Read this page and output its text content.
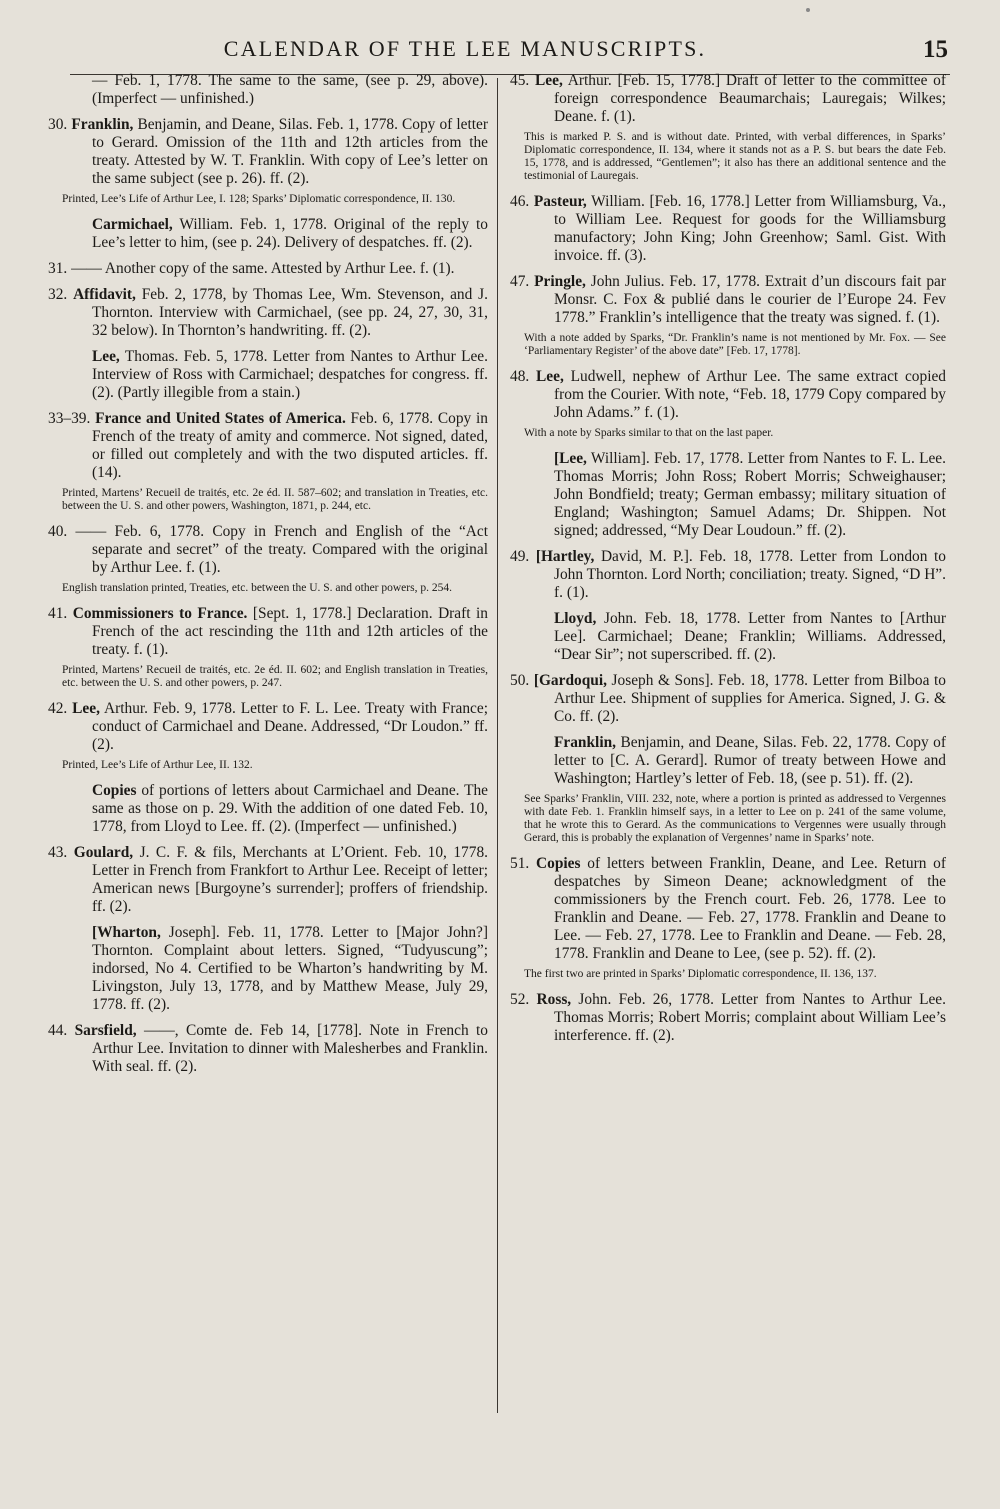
CALENDAR OF THE LEE MANUSCRIPTS.	15

— Feb. 1, 1778. The same to the same, (see p. 29, above). (Imperfect — unfinished.)

30. Franklin, Benjamin, and Deane, Silas. Feb. 1, 1778. Copy of letter to Gerard. Omission of the 11th and 12th articles from the treaty. Attested by W. T. Franklin. With copy of Lee’s letter on the same subject (see p. 26). ff. (2).

Printed, Lee’s Life of Arthur Lee, I. 128; Sparks’ Diplomatic correspondence, II. 130.

Carmichael, William. Feb. 1, 1778. Original of the reply to Lee’s letter to him, (see p. 24). Delivery of despatches. ff. (2).

31. —— Another copy of the same. Attested by Arthur Lee. f. (1).

32. Affidavit, Feb. 2, 1778, by Thomas Lee, Wm. Stevenson, and J. Thornton. Interview with Carmichael, (see pp. 24, 27, 30, 31, 32 below). In Thornton’s handwriting. ff. (2).

Lee, Thomas. Feb. 5, 1778. Letter from Nantes to Arthur Lee. Interview of Ross with Carmichael; despatches for congress. ff. (2). (Partly illegible from a stain.)

33–39. France and United States of America. Feb. 6, 1778. Copy in French of the treaty of amity and commerce. Not signed, dated, or filled out completely and with the two disputed articles. ff. (14).

Printed, Martens’ Recueil de traités, etc. 2e éd. II. 587–602; and translation in Treaties, etc. between the U. S. and other powers, Washington, 1871, p. 244, etc.

40. —— Feb. 6, 1778. Copy in French and English of the “Act separate and secret” of the treaty. Compared with the original by Arthur Lee. f. (1).

English translation printed, Treaties, etc. between the U. S. and other powers, p. 254.

41. Commissioners to France. [Sept. 1, 1778.] Declaration. Draft in French of the act rescinding the 11th and 12th articles of the treaty. f. (1).

Printed, Martens’ Recueil de traités, etc. 2e éd. II. 602; and English translation in Treaties, etc. between the U. S. and other powers, p. 247.

42. Lee, Arthur. Feb. 9, 1778. Letter to F. L. Lee. Treaty with France; conduct of Carmichael and Deane. Addressed, “Dr Loudon.” ff. (2).

Printed, Lee’s Life of Arthur Lee, II. 132.

Copies of portions of letters about Carmichael and Deane. The same as those on p. 29. With the addition of one dated Feb. 10, 1778, from Lloyd to Lee. ff. (2). (Imperfect — unfinished.)

43. Goulard, J. C. F. & fils, Merchants at L’Orient. Feb. 10, 1778. Letter in French from Frankfort to Arthur Lee. Receipt of letter; American news [Burgoyne’s surrender]; proffers of friendship. ff. (2).

[Wharton, Joseph]. Feb. 11, 1778. Letter to [Major John?] Thornton. Complaint about letters. Signed, “Tudyuscung”; indorsed, No 4. Certified to be Wharton’s handwriting by M. Livingston, July 13, 1778, and by Matthew Mease, July 29, 1778. ff. (2).

44. Sarsfield, ——, Comte de. Feb 14, [1778]. Note in French to Arthur Lee. Invitation to dinner with Malesherbes and Franklin. With seal. ff. (2).

45. Lee, Arthur. [Feb. 15, 1778.] Draft of letter to the committee of foreign correspondence Beaumarchais; Lauregais; Wilkes; Deane. f. (1).

This is marked P. S. and is without date. Printed, with verbal differences, in Sparks’ Diplomatic correspondence, II. 134, where it stands not as a P. S. but bears the date Feb. 15, 1778, and is addressed, “Gentlemen”; it also has there an additional sentence and the testimonial of Lauregais.

46. Pasteur, William. [Feb. 16, 1778.] Letter from Williamsburg, Va., to William Lee. Request for goods for the Williamsburg manufactory; John King; John Greenhow; Saml. Gist. With invoice. ff. (3).

47. Pringle, John Julius. Feb. 17, 1778. Extrait d’un discours fait par Monsr. C. Fox & publié dans le courier de l’Europe 24. Fev 1778.” Franklin’s intelligence that the treaty was signed. f. (1).

With a note added by Sparks, “Dr. Franklin’s name is not mentioned by Mr. Fox. — See ‘Parliamentary Register’ of the above date” [Feb. 17, 1778].

48. Lee, Ludwell, nephew of Arthur Lee. The same extract copied from the Courier. With note, “Feb. 18, 1779 Copy compared by John Adams.” f. (1).

With a note by Sparks similar to that on the last paper.

[Lee, William]. Feb. 17, 1778. Letter from Nantes to F. L. Lee. Thomas Morris; John Ross; Robert Morris; Schweighauser; John Bondfield; treaty; German embassy; military situation of England; Washington; Samuel Adams; Dr. Shippen. Not signed; addressed, “My Dear Loudoun.” ff. (2).

49. [Hartley, David, M. P.]. Feb. 18, 1778. Letter from London to John Thornton. Lord North; conciliation; treaty. Signed, “D H”. f. (1).

Lloyd, John. Feb. 18, 1778. Letter from Nantes to [Arthur Lee]. Carmichael; Deane; Franklin; Williams. Addressed, “Dear Sir”; not superscribed. ff. (2).

50. [Gardoqui, Joseph & Sons]. Feb. 18, 1778. Letter from Bilboa to Arthur Lee. Shipment of supplies for America. Signed, J. G. & Co. ff. (2).

Franklin, Benjamin, and Deane, Silas. Feb. 22, 1778. Copy of letter to [C. A. Gerard]. Rumor of treaty between Howe and Washington; Hartley’s letter of Feb. 18, (see p. 51). ff. (2).

See Sparks’ Franklin, VIII. 232, note, where a portion is printed as addressed to Vergennes with date Feb. 1. Franklin himself says, in a letter to Lee on p. 241 of the same volume, that he wrote this to Gerard. As the communications to Vergennes were usually through Gerard, this is probably the explanation of Vergennes’ name in Sparks’ note.

51. Copies of letters between Franklin, Deane, and Lee. Return of despatches by Simeon Deane; acknowledgment of the commissioners by the French court. Feb. 26, 1778. Lee to Franklin and Deane. — Feb. 27, 1778. Franklin and Deane to Lee. — Feb. 27, 1778. Lee to Franklin and Deane. — Feb. 28, 1778. Franklin and Deane to Lee, (see p. 52). ff. (2).

The first two are printed in Sparks’ Diplomatic correspondence, II. 136, 137.

52. Ross, John. Feb. 26, 1778. Letter from Nantes to Arthur Lee. Thomas Morris; Robert Morris; complaint about William Lee’s interference. ff. (2).
